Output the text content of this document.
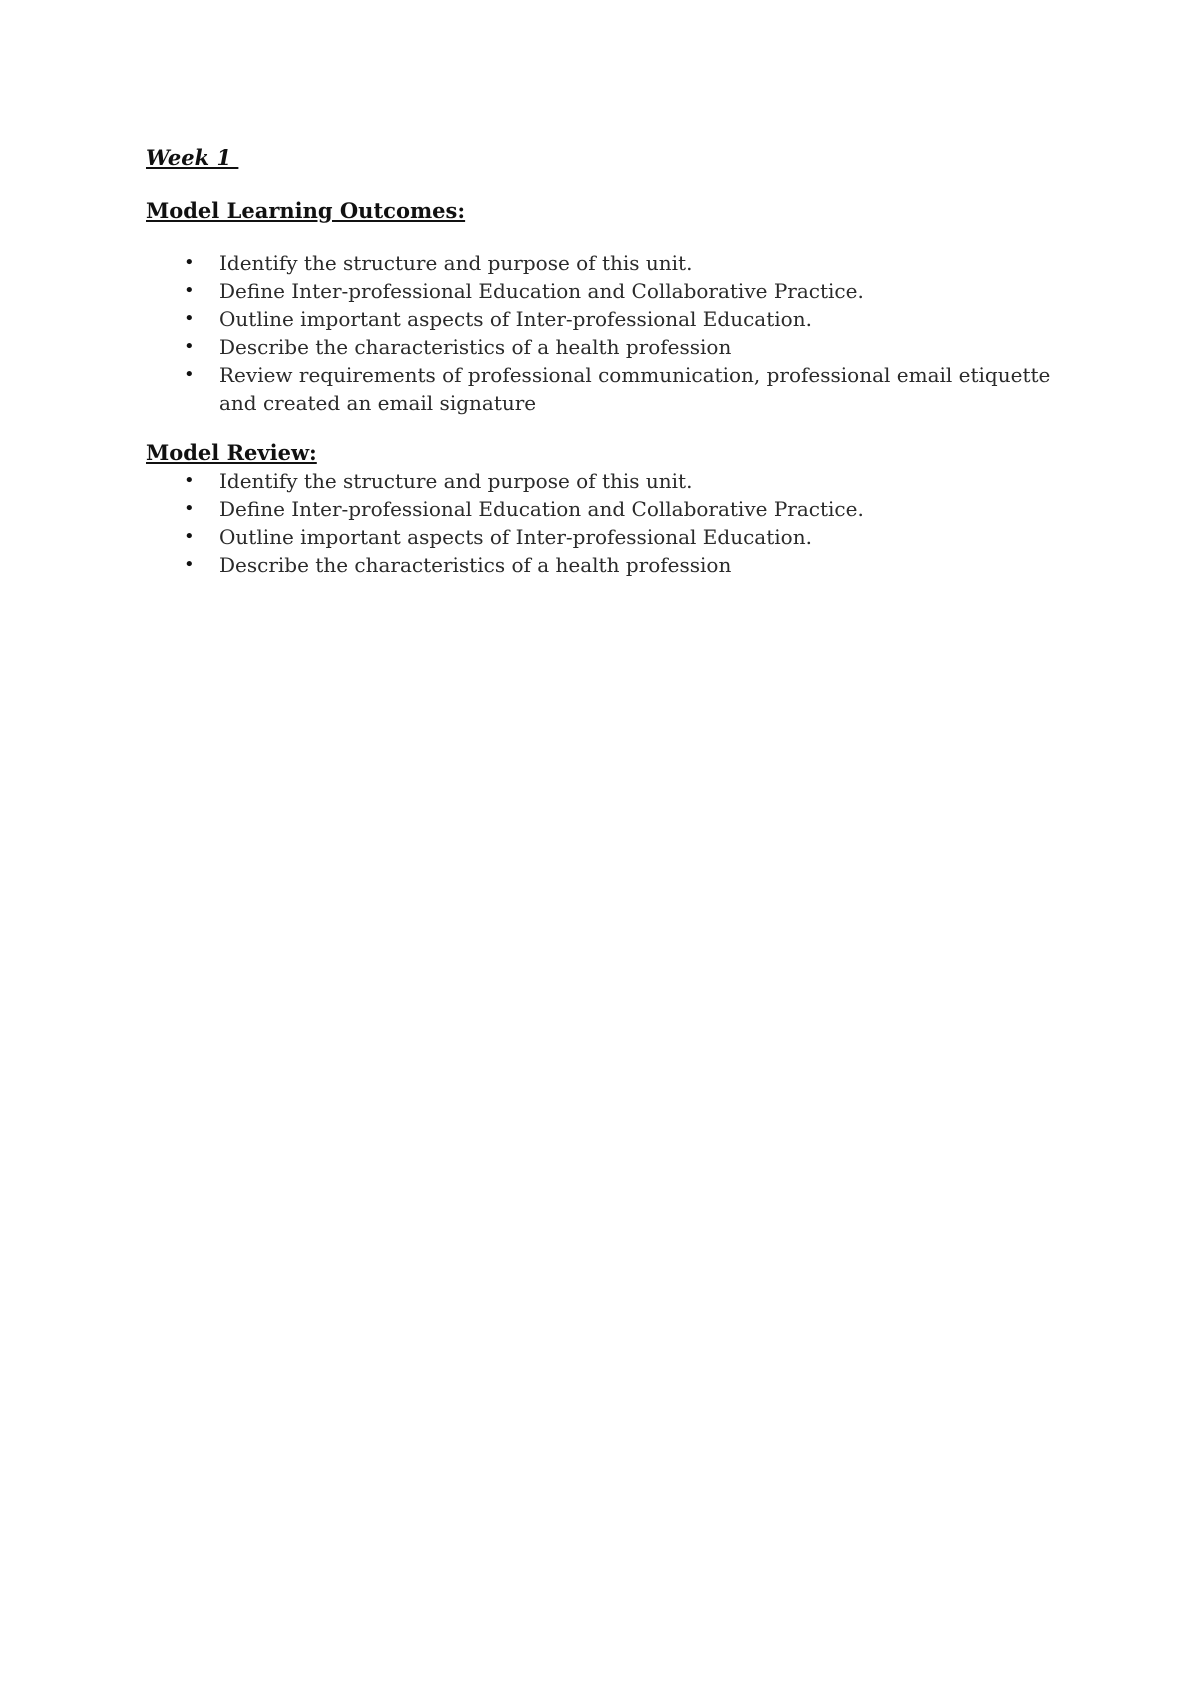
Week 1
Model Learning Outcomes:
• Identify the structure and purpose of this unit.
• Define Inter-professional Education and Collaborative Practice.
• Outline important aspects of Inter-professional Education.
• Describe the characteristics of a health profession
• Review requirements of professional communication, professional email etiquette and created an email signature
Model Review:
• Identify the structure and purpose of this unit.
• Define Inter-professional Education and Collaborative Practice.
• Outline important aspects of Inter-professional Education.
• Describe the characteristics of a health profession
